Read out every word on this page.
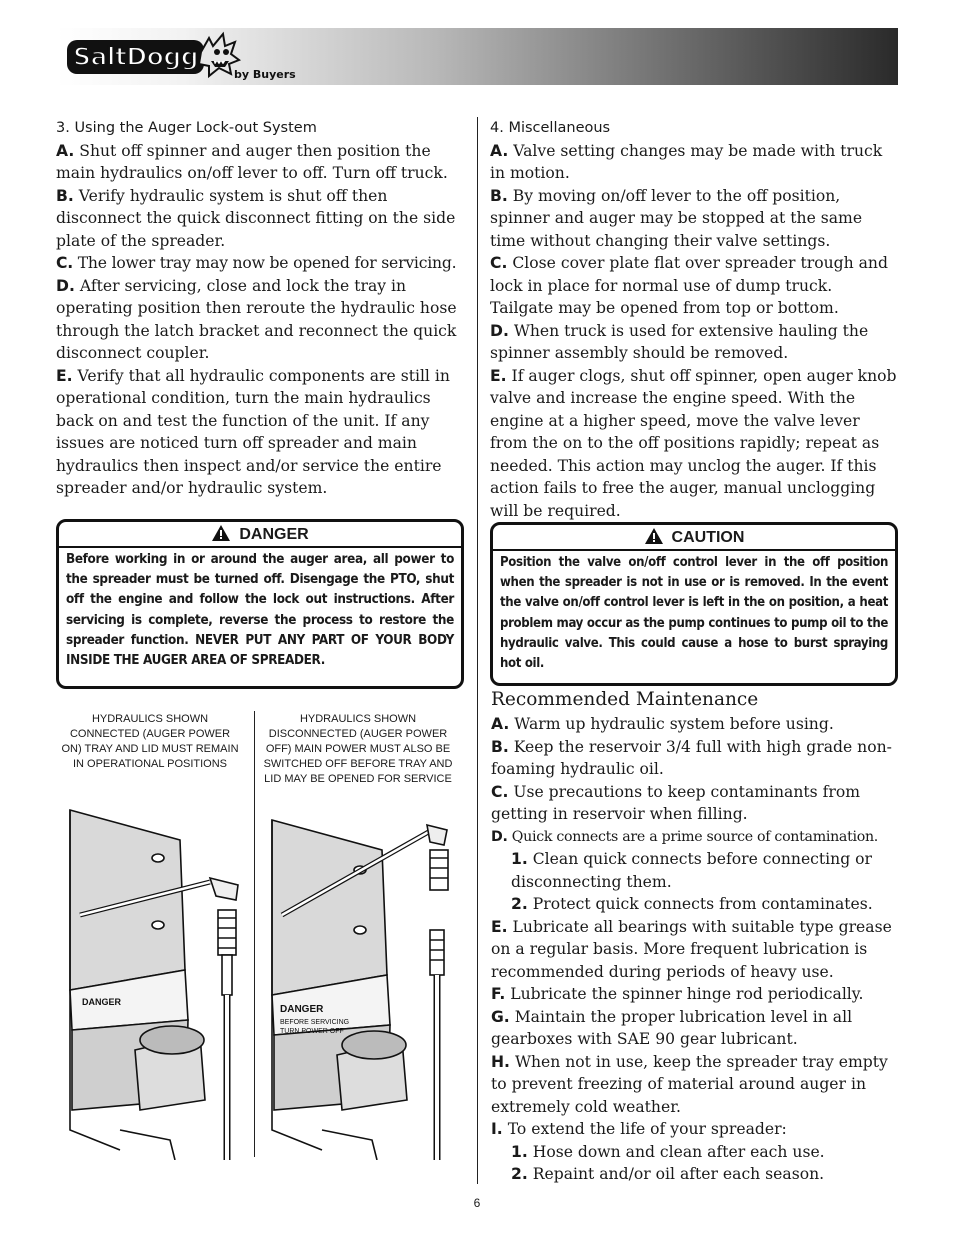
SaltDogg
by Buyers

3. Using the Auger Lock-out System

A. Shut off spinner and auger then position the main hydraulics on/off lever to off. Turn off truck.

B. Verify hydraulic system is shut off then disconnect the quick disconnect fitting on the side plate of the spreader.

C. The lower tray may now be opened for servicing.

D. After servicing, close and lock the tray in operating position then reroute the hydraulic hose through the latch bracket and reconnect the quick disconnect coupler.

E. Verify that all hydraulic components are still in operational condition, turn the main hydraulics back on and test the function of the unit. If any issues are noticed turn off spreader and main hydraulics then inspect and/or service the entire spreader and/or hydraulic system.

DANGER
Before working in or around the auger area, all power to the spreader must be turned off. Disengage the PTO, shut off the engine and follow the lock out instructions. After servicing is complete, reverse the process to restore the spreader function. NEVER PUT ANY PART OF YOUR BODY INSIDE THE AUGER AREA OF SPREADER.
HYDRAULICS SHOWN CONNECTED (AUGER POWER ON) TRAY AND LID MUST REMAIN IN OPERATIONAL POSITIONS
HYDRAULICS SHOWN DISCONNECTED (AUGER POWER OFF) MAIN POWER MUST ALSO BE SWITCHED OFF BEFORE TRAY AND LID MAY BE OPENED FOR SERVICE
DANGER
DANGER
BEFORE SERVICING
TURN POWER OFF

4. Miscellaneous

A. Valve setting changes may be made with truck in motion.

B. By moving on/off lever to the off position, spinner and auger may be stopped at the same time without changing their valve settings.

C. Close cover plate flat over spreader trough and lock in place for normal use of dump truck. Tailgate may be opened from top or bottom.

D. When truck is used for extensive hauling the spinner assembly should be removed.

E. If auger clogs, shut off spinner, open auger knob valve and increase the engine speed. With the engine at a higher speed, move the valve lever from the on to the off positions rapidly; repeat as needed. This action may unclog the auger. If this action fails to free the auger, manual unclogging will be required.

CAUTION
Position the valve on/off control lever in the off position when the spreader is not in use or is removed. In the event the valve on/off control lever is left in the on position, a heat problem may occur as the pump continues to pump oil to the hydraulic valve. This could cause a hose to burst spraying hot oil.

Recommended Maintenance

A. Warm up hydraulic system before using.

B. Keep the reservoir 3/4 full with high grade non-foaming hydraulic oil.

C. Use precautions to keep contaminants from getting in reservoir when filling.

D. Quick connects are a prime source of contamination.

1. Clean quick connects before connecting or disconnecting them.

2. Protect quick connects from contaminates.

E. Lubricate all bearings with suitable type grease on a regular basis. More frequent lubrication is recommended during periods of heavy use.

F. Lubricate the spinner hinge rod periodically.

G. Maintain the proper lubrication level in all gearboxes with SAE 90 gear lubricant.

H. When not in use, keep the spreader tray empty to prevent freezing of material around auger in extremely cold weather.

I. To extend the life of your spreader:

1. Hose down and clean after each use.

2. Repaint and/or oil after each season.

6
